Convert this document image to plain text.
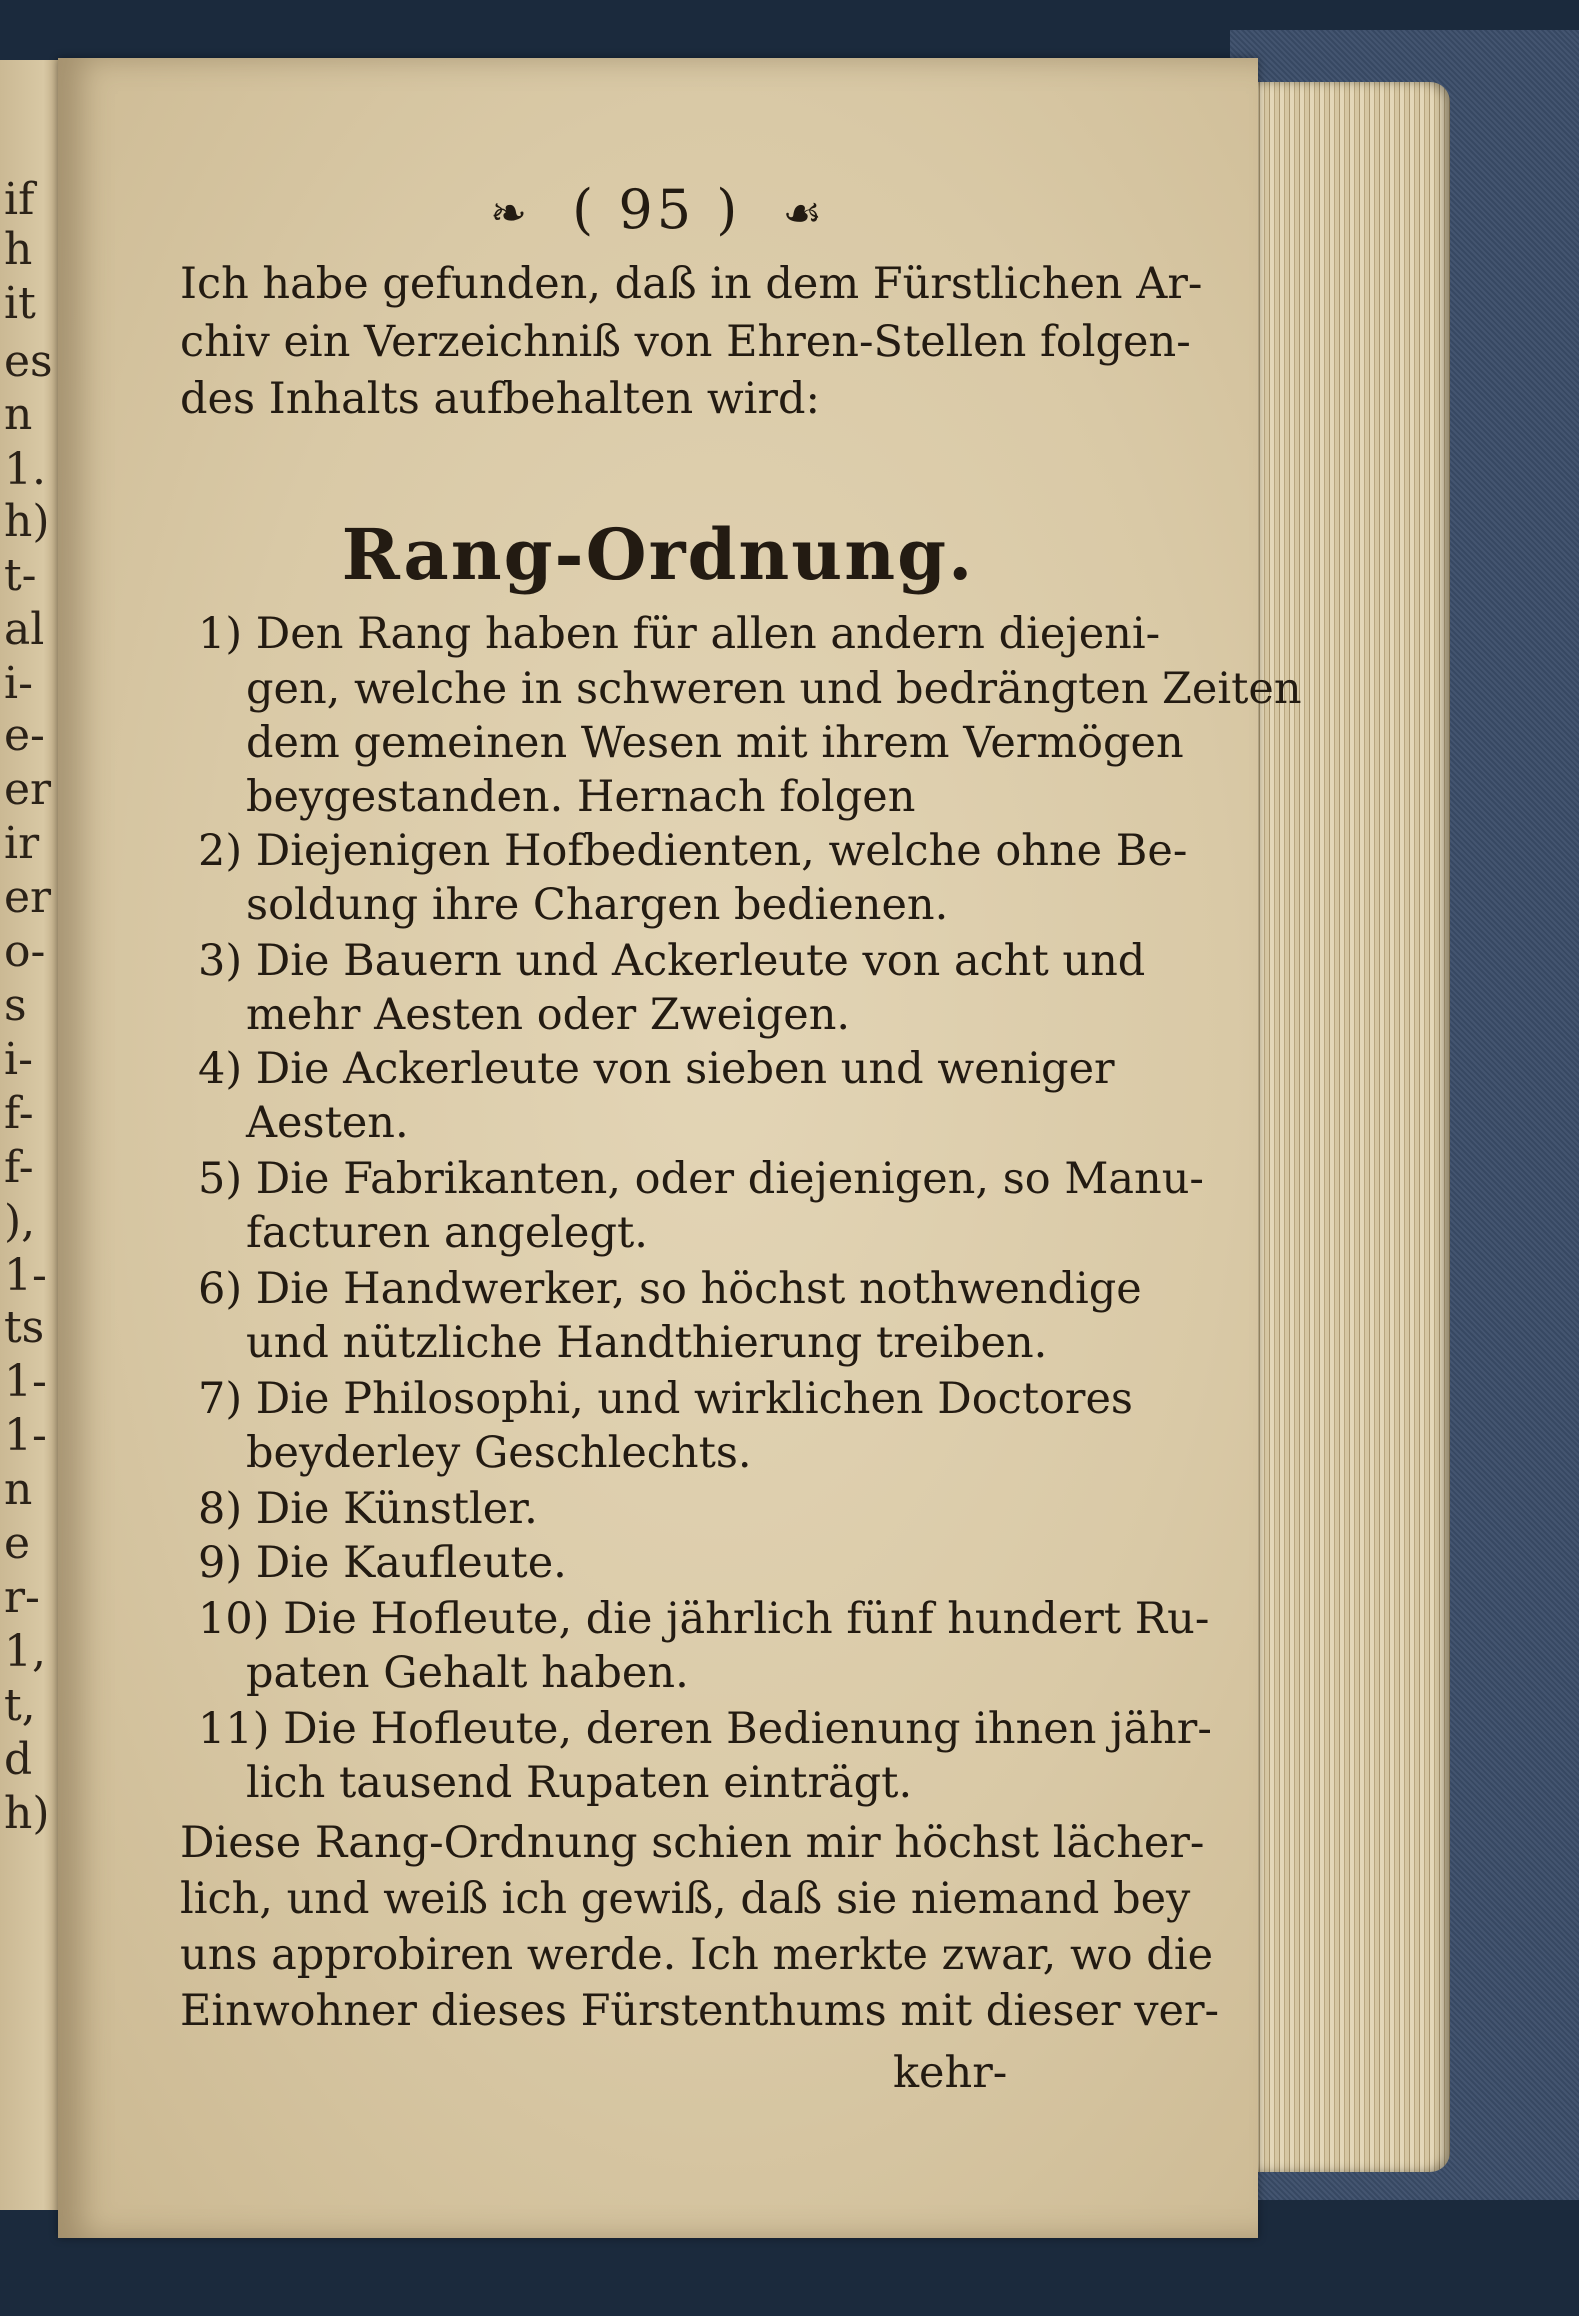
if
h
it
es
n
1.
h)
t-
al
i-
e-
er
ir
er
o-
s
i-
f-
f-
),
1-
ts
1-
1-
n
e
r-
1,
t,
d
h)
❧ ( 95 ) ☙
Ich habe gefunden, daß in dem Fürstlichen Ar-
chiv ein Verzeichniß von Ehren-Stellen folgen-
des Inhalts aufbehalten wird:
Rang-Ordnung.
1) Den Rang haben für allen andern diejeni-
gen, welche in schweren und bedrängten Zeiten
dem gemeinen Wesen mit ihrem Vermögen
beygestanden. Hernach folgen
2) Diejenigen Hofbedienten, welche ohne Be-
soldung ihre Chargen bedienen.
3) Die Bauern und Ackerleute von acht und
mehr Aesten oder Zweigen.
4) Die Ackerleute von sieben und weniger
Aesten.
5) Die Fabrikanten, oder diejenigen, so Manu-
facturen angelegt.
6) Die Handwerker, so höchst nothwendige
und nützliche Handthierung treiben.
7) Die Philosophi, und wirklichen Doctores
beyderley Geschlechts.
8) Die Künstler.
9) Die Kaufleute.
10) Die Hofleute, die jährlich fünf hundert Ru-
paten Gehalt haben.
11) Die Hofleute, deren Bedienung ihnen jähr-
lich tausend Rupaten einträgt.
Diese Rang-Ordnung schien mir höchst lächer-
lich, und weiß ich gewiß, daß sie niemand bey
uns approbiren werde. Ich merkte zwar, wo die
Einwohner dieses Fürstenthums mit dieser ver-
kehr-
